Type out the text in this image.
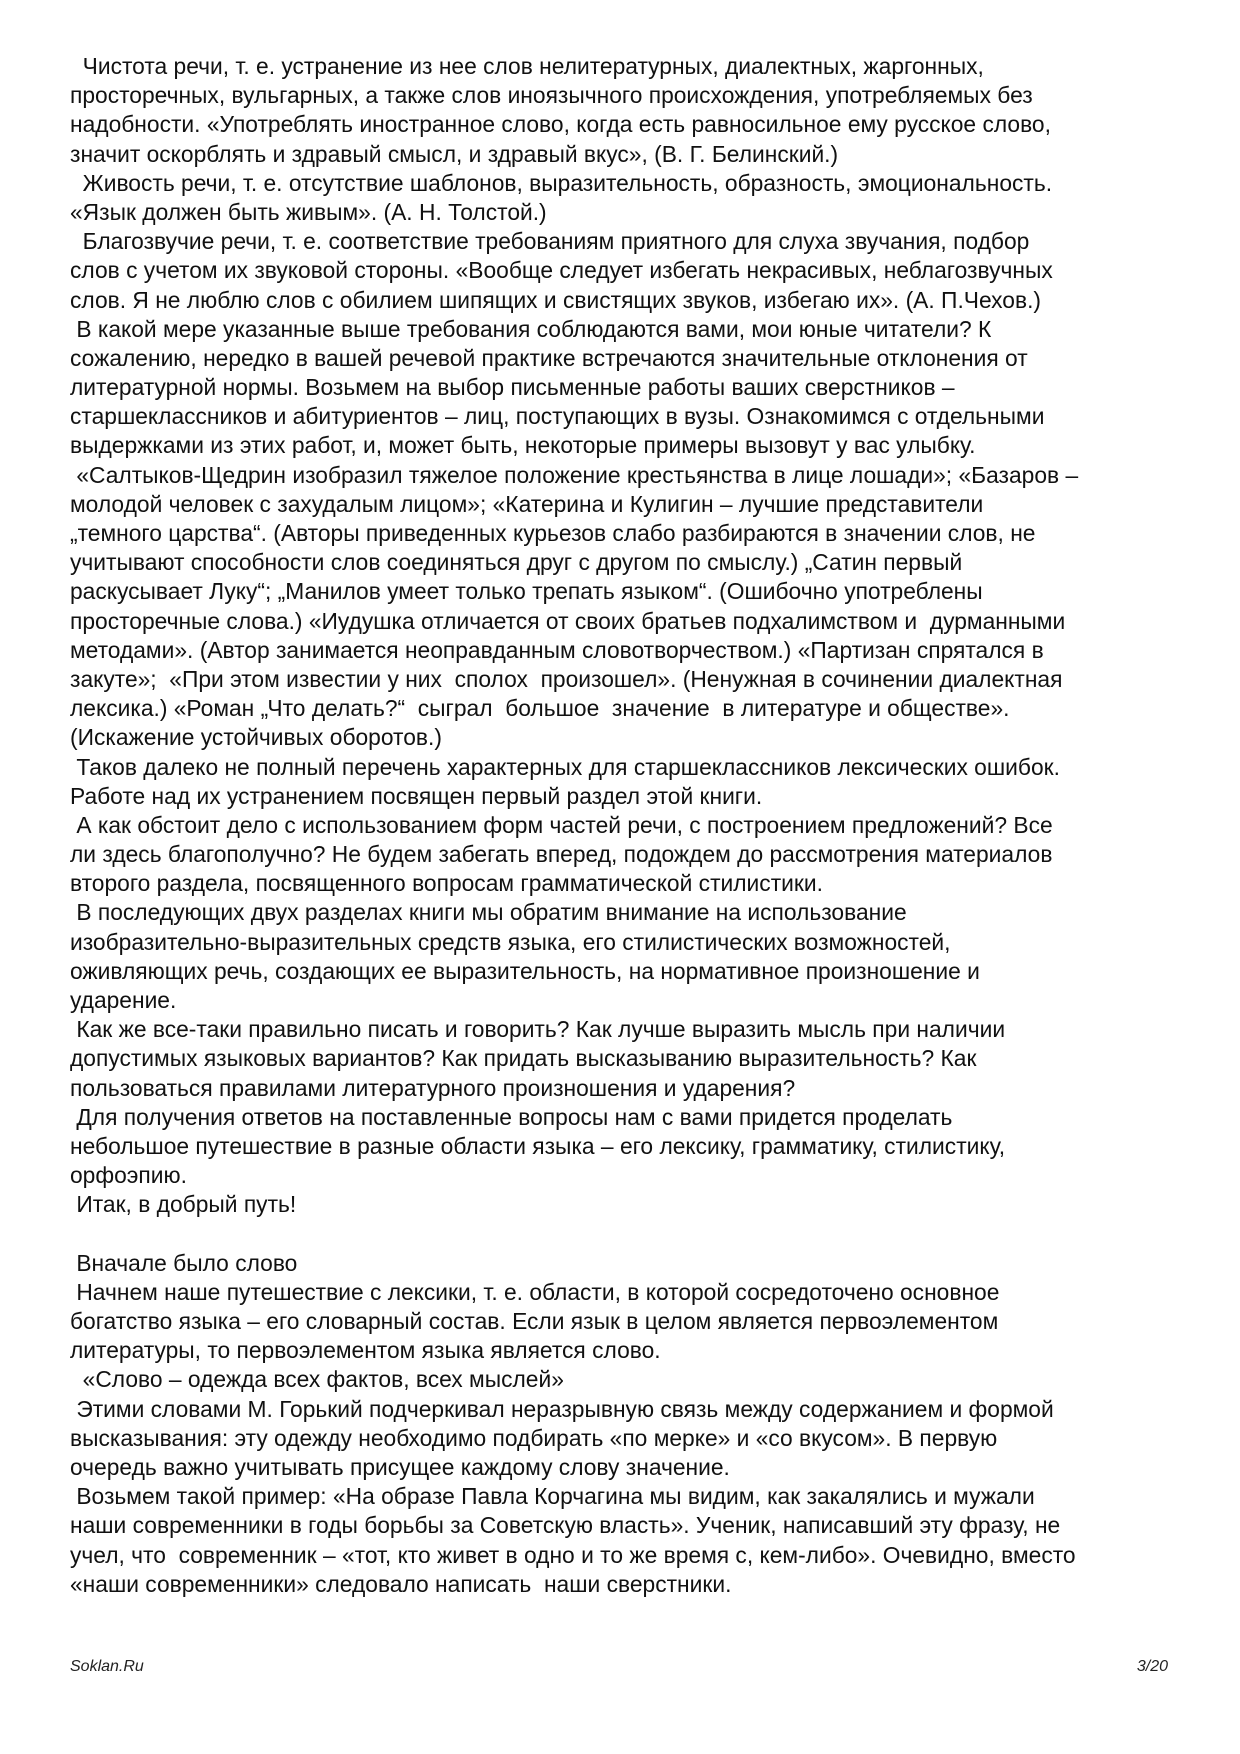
Чистота речи, т. е. устранение из нее слов нелитературных, диалектных, жаргонных,
просторечных, вульгарных, а также слов иноязычного происхождения, употребляемых без
надобности. «Употреблять иностранное слово, когда есть равносильное ему русское слово,
значит оскорблять и здравый смысл, и здравый вкус», (В. Г. Белинский.)
Живость речи, т. е. отсутствие шаблонов, выразительность, образность, эмоциональность.
«Язык должен быть живым». (А. Н. Толстой.)
Благозвучие речи, т. е. соответствие требованиям приятного для слуха звучания, подбор
слов с учетом их звуковой стороны. «Вообще следует избегать некрасивых, неблагозвучных
слов. Я не люблю слов с обилием шипящих и свистящих звуков, избегаю их». (А. П.Чехов.)
В какой мере указанные выше требования соблюдаются вами, мои юные читатели? К
сожалению, нередко в вашей речевой практике встречаются значительные отклонения от
литературной нормы. Возьмем на выбор письменные работы ваших сверстников –
старшеклассников и абитуриентов – лиц, поступающих в вузы. Ознакомимся с отдельными
выдержками из этих работ, и, может быть, некоторые примеры вызовут у вас улыбку.
«Салтыков-Щедрин изобразил тяжелое положение крестьянства в лице лошади»; «Базаров –
молодой человек с захудалым лицом»; «Катерина и Кулигин – лучшие представители
„темного царства“. (Авторы приведенных курьезов слабо разбираются в значении слов, не
учитывают способности слов соединяться друг с другом по смыслу.) „Сатин первый
раскусывает Луку“; „Манилов умеет только трепать языком“. (Ошибочно употреблены
просторечные слова.) «Иудушка отличается от своих братьев подхалимством и  дурманными
методами». (Автор занимается неоправданным словотворчеством.) «Партизан спрятался в
закуте»;  «При этом известии у них  сполох  произошел». (Ненужная в сочинении диалектная
лексика.) «Роман „Что делать?“  сыграл  большое  значение  в литературе и обществе».
(Искажение устойчивых оборотов.)
Таков далеко не полный перечень характерных для старшеклассников лексических ошибок.
Работе над их устранением посвящен первый раздел этой книги.
А как обстоит дело с использованием форм частей речи, с построением предложений? Все
ли здесь благополучно? Не будем забегать вперед, подождем до рассмотрения материалов
второго раздела, посвященного вопросам грамматической стилистики.
В последующих двух разделах книги мы обратим внимание на использование
изобразительно-выразительных средств языка, его стилистических возможностей,
оживляющих речь, создающих ее выразительность, на нормативное произношение и
ударение.
Как же все-таки правильно писать и говорить? Как лучше выразить мысль при наличии
допустимых языковых вариантов? Как придать высказыванию выразительность? Как
пользоваться правилами литературного произношения и ударения?
Для получения ответов на поставленные вопросы нам с вами придется проделать
небольшое путешествие в разные области языка – его лексику, грамматику, стилистику,
орфоэпию.
Итак, в добрый путь!
Вначале было слово
Начнем наше путешествие с лексики, т. е. области, в которой сосредоточено основное
богатство языка – его словарный состав. Если язык в целом является первоэлементом
литературы, то первоэлементом языка является слово.
«Слово – одежда всех фактов, всех мыслей»
Этими словами М. Горький подчеркивал неразрывную связь между содержанием и формой
высказывания: эту одежду необходимо подбирать «по мерке» и «со вкусом». В первую
очередь важно учитывать присущее каждому слову значение.
Возьмем такой пример: «На образе Павла Корчагина мы видим, как закалялись и мужали
наши современники в годы борьбы за Советскую власть». Ученик, написавший эту фразу, не
учел, что  современник – «тот, кто живет в одно и то же время с, кем-либо». Очевидно, вместо
«наши современники» следовало написать  наши сверстники.
Soklan.Ru	3/20
